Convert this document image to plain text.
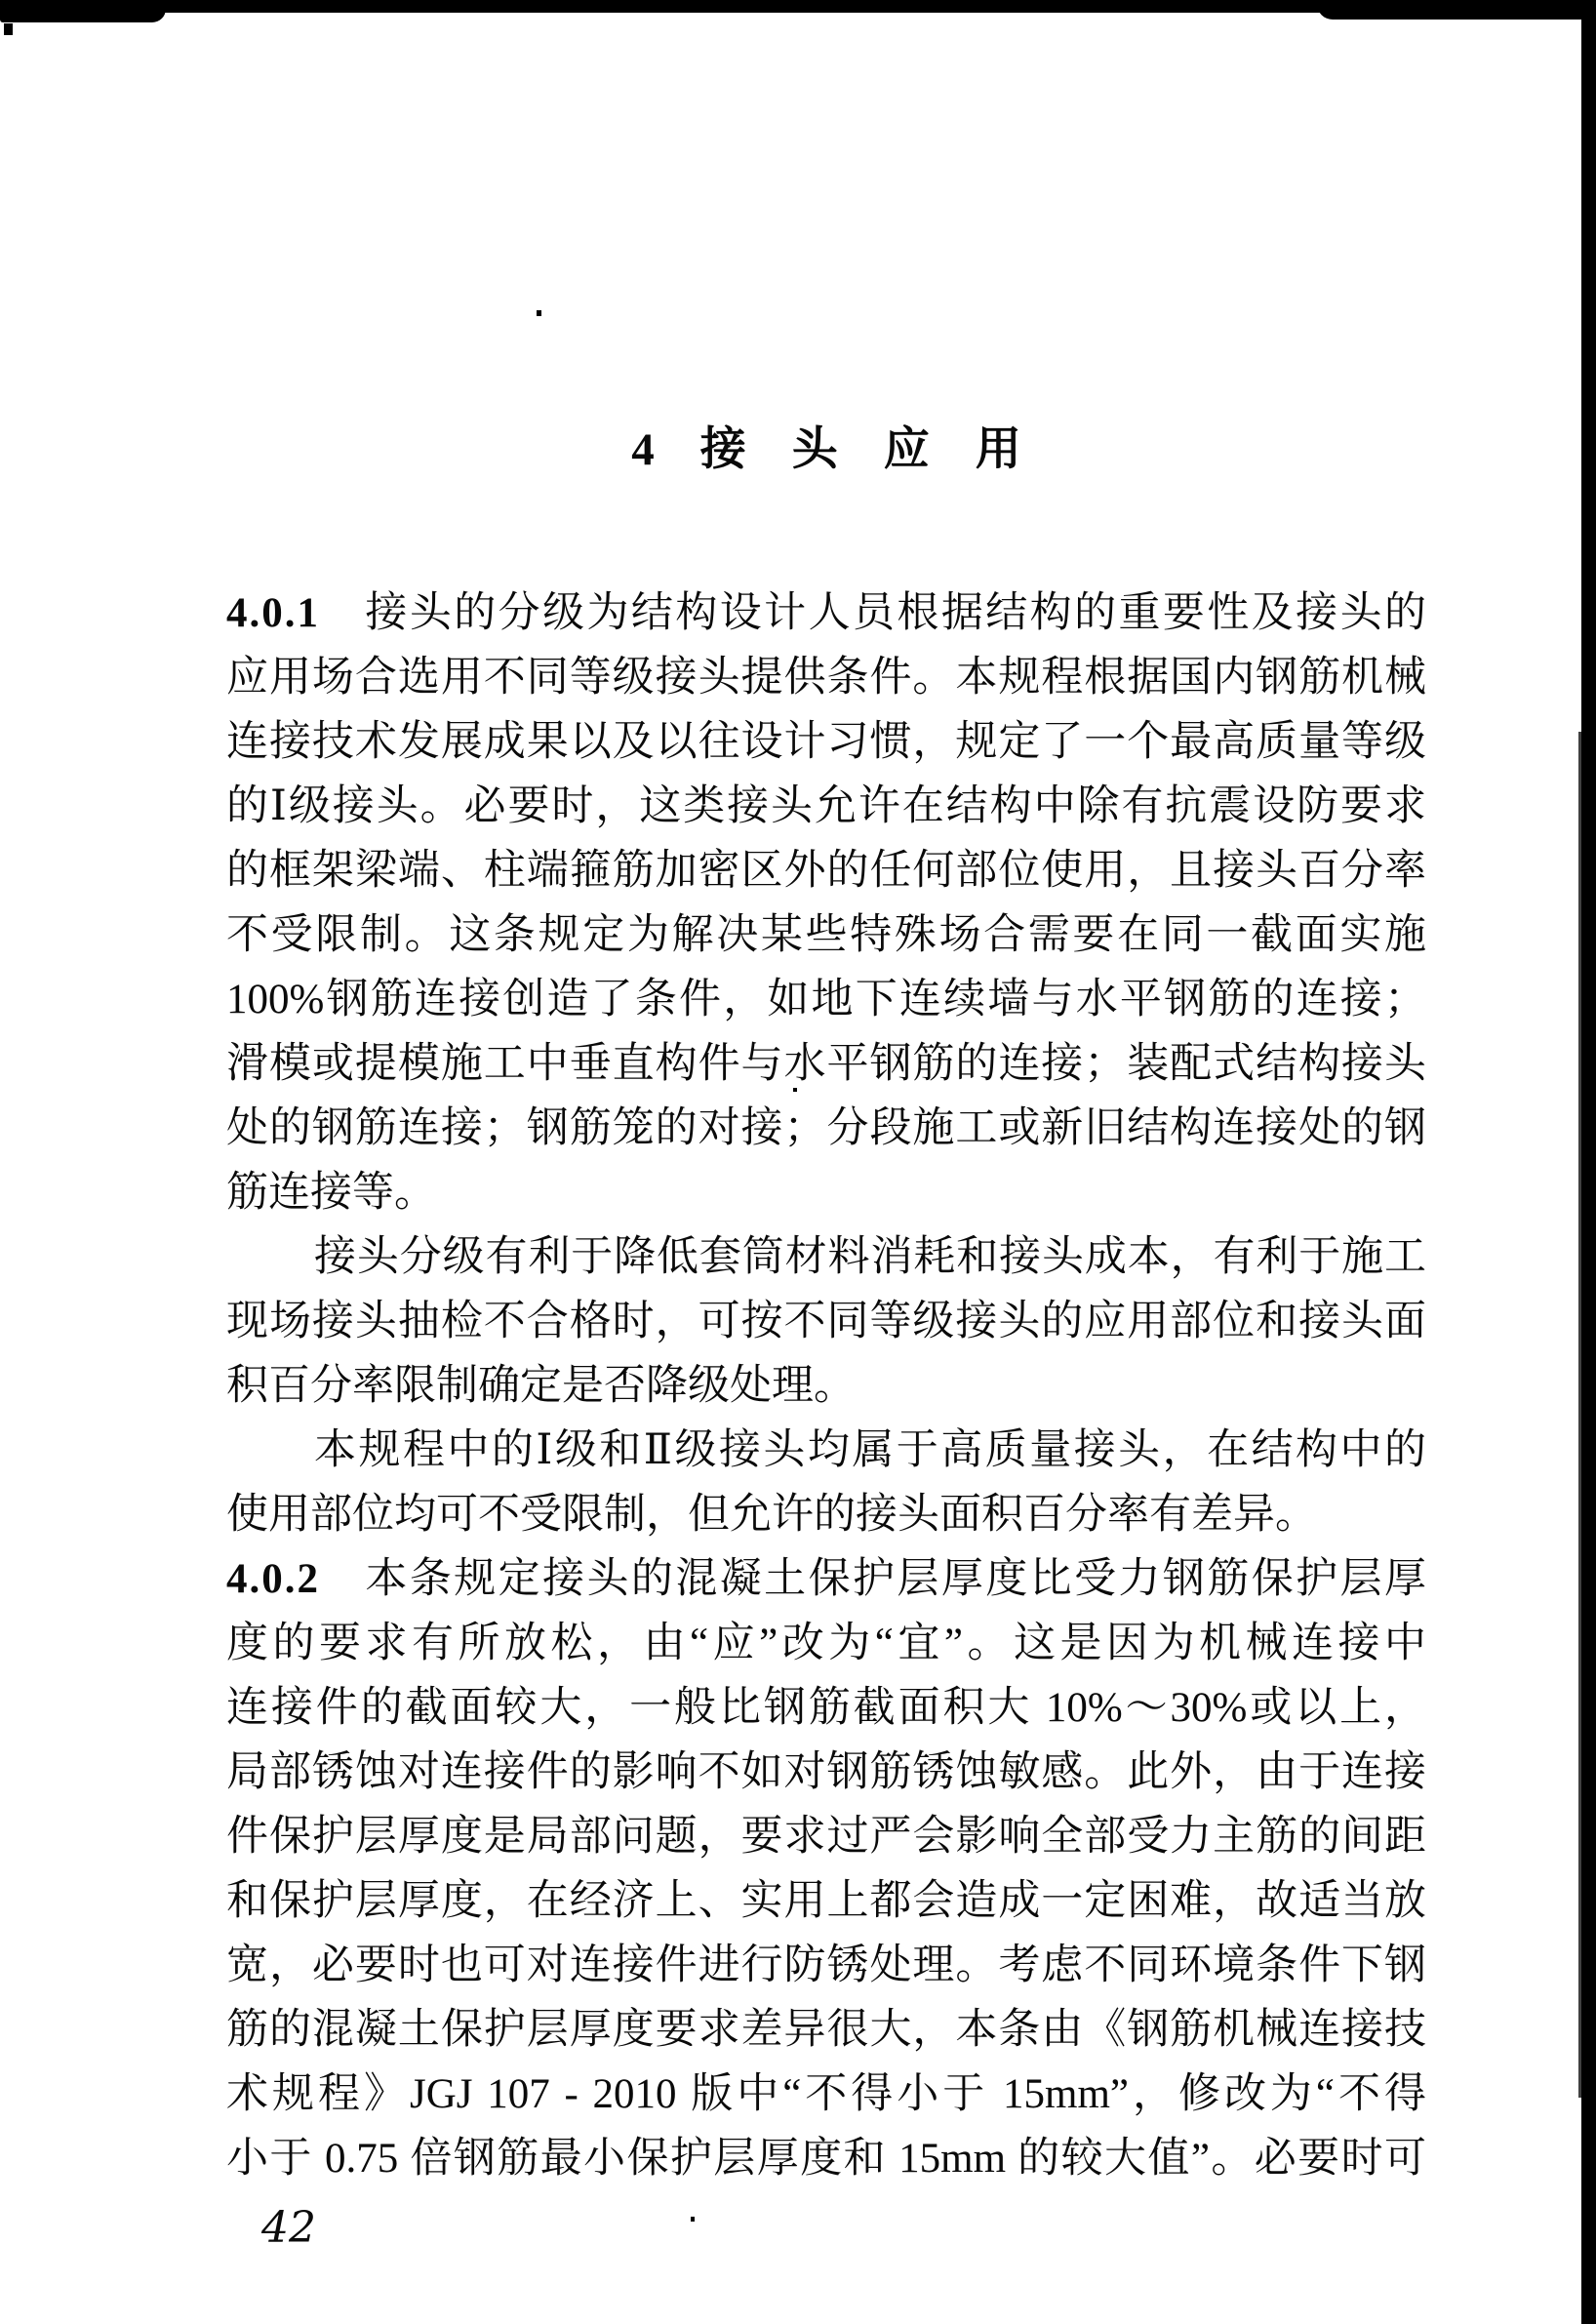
4　接　头　应　用
4.0.1 接头的分级为结构设计人员根据结构的重要性及接头的
应用场合选用不同等级接头提供条件。本规程根据国内钢筋机械
连接技术发展成果以及以往设计习惯，规定了一个最高质量等级
的Ⅰ级接头。必要时，这类接头允许在结构中除有抗震设防要求
的框架梁端、柱端箍筋加密区外的任何部位使用，且接头百分率
不受限制。这条规定为解决某些特殊场合需要在同一截面实施
100%钢筋连接创造了条件，如地下连续墙与水平钢筋的连接；
滑模或提模施工中垂直构件与水平钢筋的连接；装配式结构接头
处的钢筋连接；钢筋笼的对接；分段施工或新旧结构连接处的钢
筋连接等。
接头分级有利于降低套筒材料消耗和接头成本，有利于施工
现场接头抽检不合格时，可按不同等级接头的应用部位和接头面
积百分率限制确定是否降级处理。
本规程中的Ⅰ级和Ⅱ级接头均属于高质量接头，在结构中的
使用部位均可不受限制，但允许的接头面积百分率有差异。
4.0.2 本条规定接头的混凝土保护层厚度比受力钢筋保护层厚
度的要求有所放松，由“应”改为“宜”。这是因为机械连接中
连接件的截面较大，一般比钢筋截面积大 10%～30%或以上，
局部锈蚀对连接件的影响不如对钢筋锈蚀敏感。此外，由于连接
件保护层厚度是局部问题，要求过严会影响全部受力主筋的间距
和保护层厚度，在经济上、实用上都会造成一定困难，故适当放
宽，必要时也可对连接件进行防锈处理。考虑不同环境条件下钢
筋的混凝土保护层厚度要求差异很大，本条由《钢筋机械连接技
术规程》JGJ 107 - 2010 版中“不得小于 15mm”，修改为“不得
小于 0.75 倍钢筋最小保护层厚度和 15mm 的较大值”。必要时可
42
